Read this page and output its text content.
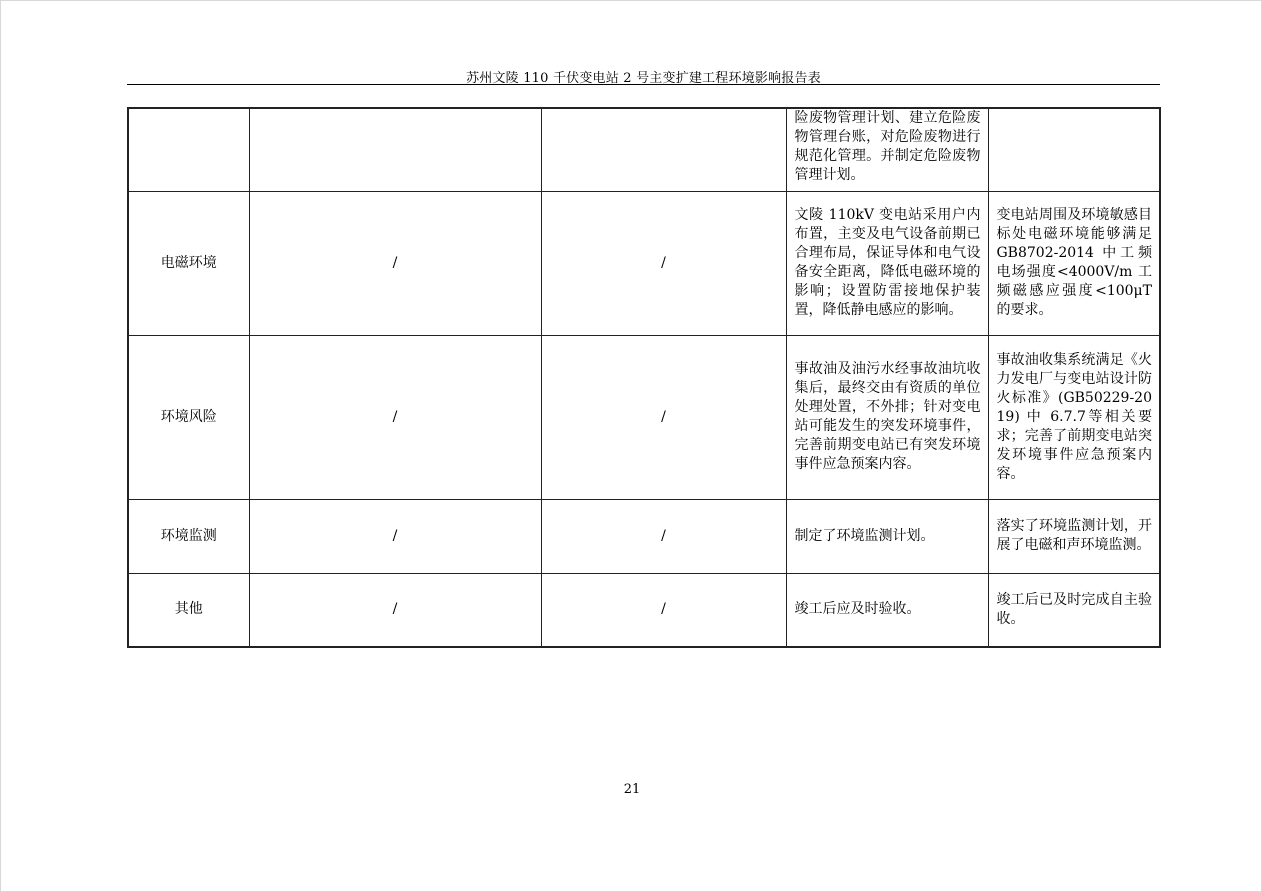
苏州文陵 110 千伏变电站 2 号主变扩建工程环境影响报告表
			险废物管理计划、建立危险废物管理台账，对危险废物进行规范化管理。并制定危险废物管理计划。	
电磁环境	/	/	文陵 110kV 变电站采用户内布置，主变及电气设备前期已合理布局，保证导体和电气设备安全距离，降低电磁环境的影响；设置防雷接地保护装置，降低静电感应的影响。	变电站周围及环境敏感目标处电磁环境能够满足 GB8702-2014 中工频电场强度<4000V/m 工频磁感应强度<100μT 的要求。
环境风险	/	/	事故油及油污水经事故油坑收集后，最终交由有资质的单位处理处置，不外排；针对变电站可能发生的突发环境事件，完善前期变电站已有突发环境事件应急预案内容。	事故油收集系统满足《火力发电厂与变电站设计防火标准》(GB50229-2019) 中 6.7.7等相关要求；完善了前期变电站突发环境事件应急预案内容。
环境监测	/	/	制定了环境监测计划。	落实了环境监测计划，开展了电磁和声环境监测。
其他	/	/	竣工后应及时验收。	竣工后已及时完成自主验收。
21
